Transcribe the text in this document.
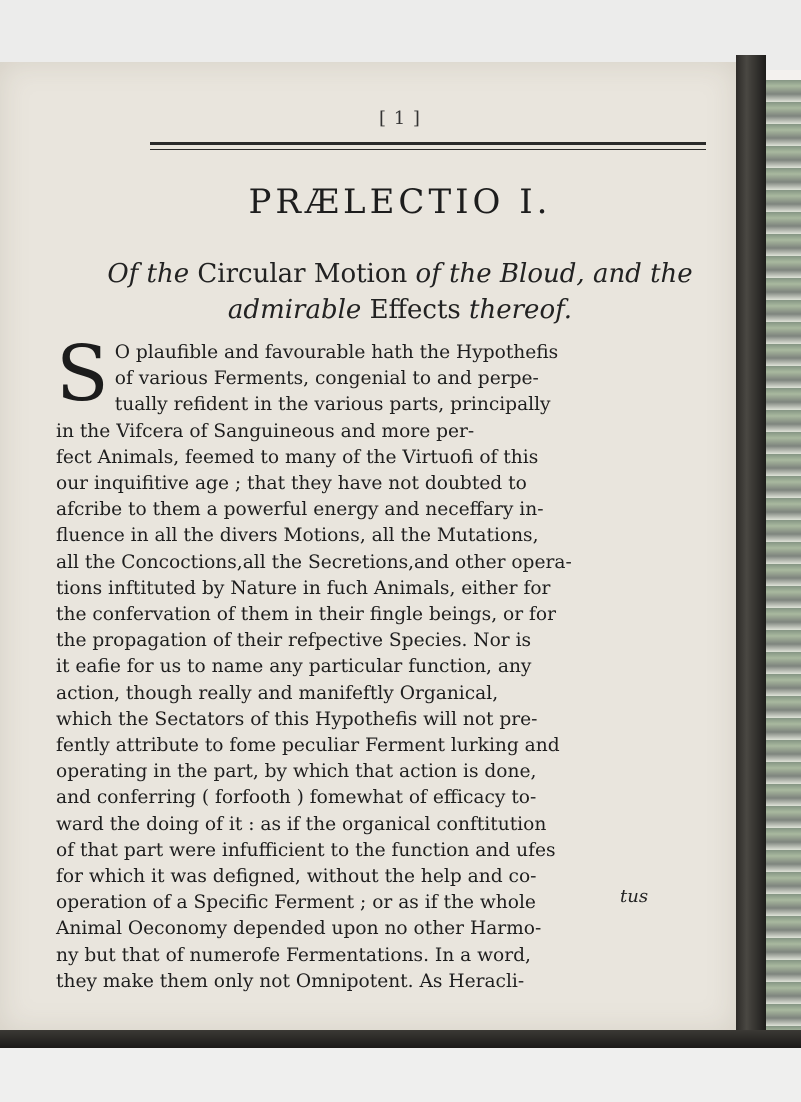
[ 1 ]
PRÆLECTIO I.
Of the Circular Motion of the Bloud, and the
admirable Effects thereof.
S O plaufible and favourable hath the Hypothefis
of various Ferments, congenial to and perpe-
tually refident in the various parts, principally
in the Vifcera of Sanguineous and more per-
fect Animals, feemed to many of the Virtuofi of this
our inquifitive age ; that they have not doubted to
afcribe to them a powerful energy and neceffary in-
fluence in all the divers Motions, all the Mutations,
all the Concoctions,all the Secretions,and other opera-
tions inftituted by Nature in fuch Animals, either for
the confervation of them in their fingle beings, or for
the propagation of their refpective Species. Nor is
it eafie for us to name any particular function, any
action, though really and manifeftly Organical,
which the Sectators of this Hypothefis will not pre-
fently attribute to fome peculiar Ferment lurking and
operating in the part, by which that action is done,
and conferring ( forfooth ) fomewhat of efficacy to-
ward the doing of it : as if the organical conftitution
of that part were infufficient to the function and ufes
for which it was defigned, without the help and co-
operation of a Specific Ferment ; or as if the whole
Animal Oeconomy depended upon no other Harmo-
ny but that of numerofe Fermentations. In a word,
they make them only not Omnipotent. As Heracli-
tus
